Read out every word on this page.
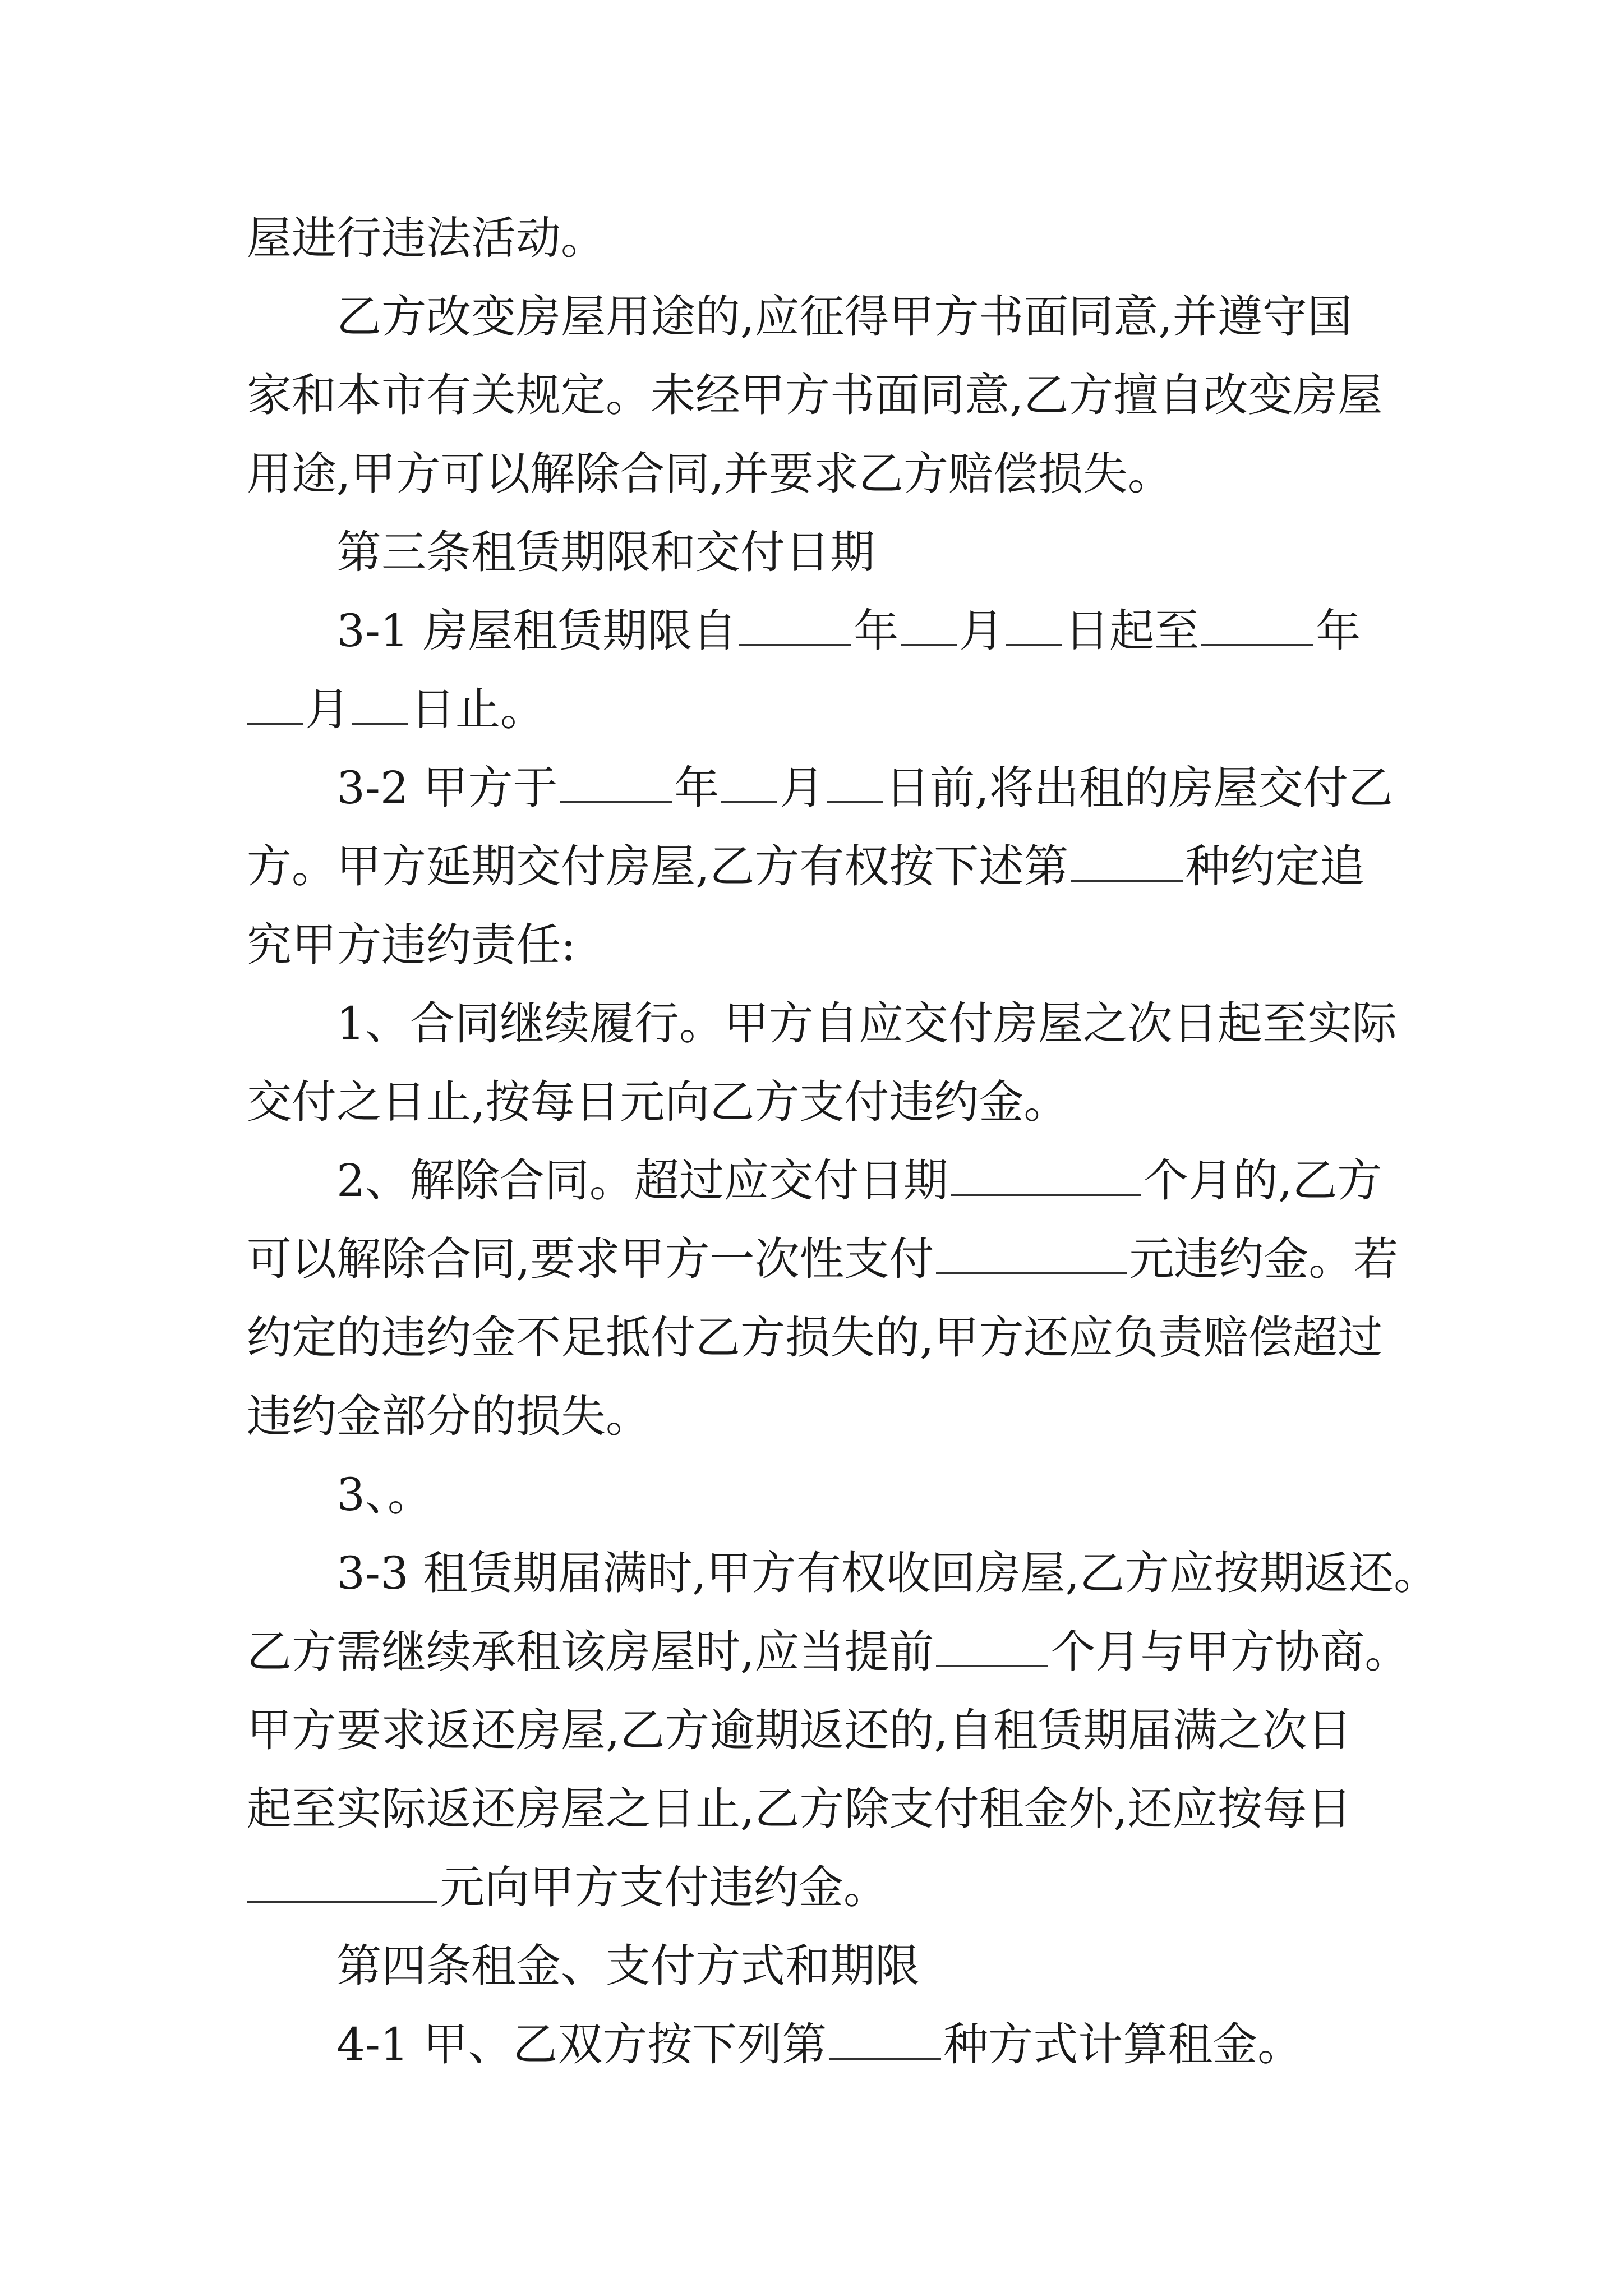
屋进行违法活动。
乙方改变房屋用途的,应征得甲方书面同意,并遵守国
家和本市有关规定。未经甲方书面同意,乙方擅自改变房屋
用途,甲方可以解除合同,并要求乙方赔偿损失。
第三条租赁期限和交付日期
3-1 房屋租赁期限自	年 月 日起至	年
月 日止。
3-2 甲方于	年 月 日前,将出租的房屋交付乙
方。甲方延期交付房屋,乙方有权按下述第	种约定追
究甲方违约责任:
1、合同继续履行。甲方自应交付房屋之次日起至实际
交付之日止,按每日元向乙方支付违约金。
2、解除合同。超过应交付日期	个月的,乙方
可以解除合同,要求甲方一次性支付	元违约金。若
约定的违约金不足抵付乙方损失的,甲方还应负责赔偿超过
违约金部分的损失。
3、。
3-3 租赁期届满时,甲方有权收回房屋,乙方应按期返还。
乙方需继续承租该房屋时,应当提前	个月与甲方协商。
甲方要求返还房屋,乙方逾期返还的,自租赁期届满之次日
起至实际返还房屋之日止,乙方除支付租金外,还应按每日
元向甲方支付违约金。
第四条租金、支付方式和期限
4-1 甲、乙双方按下列第	种方式计算租金。
